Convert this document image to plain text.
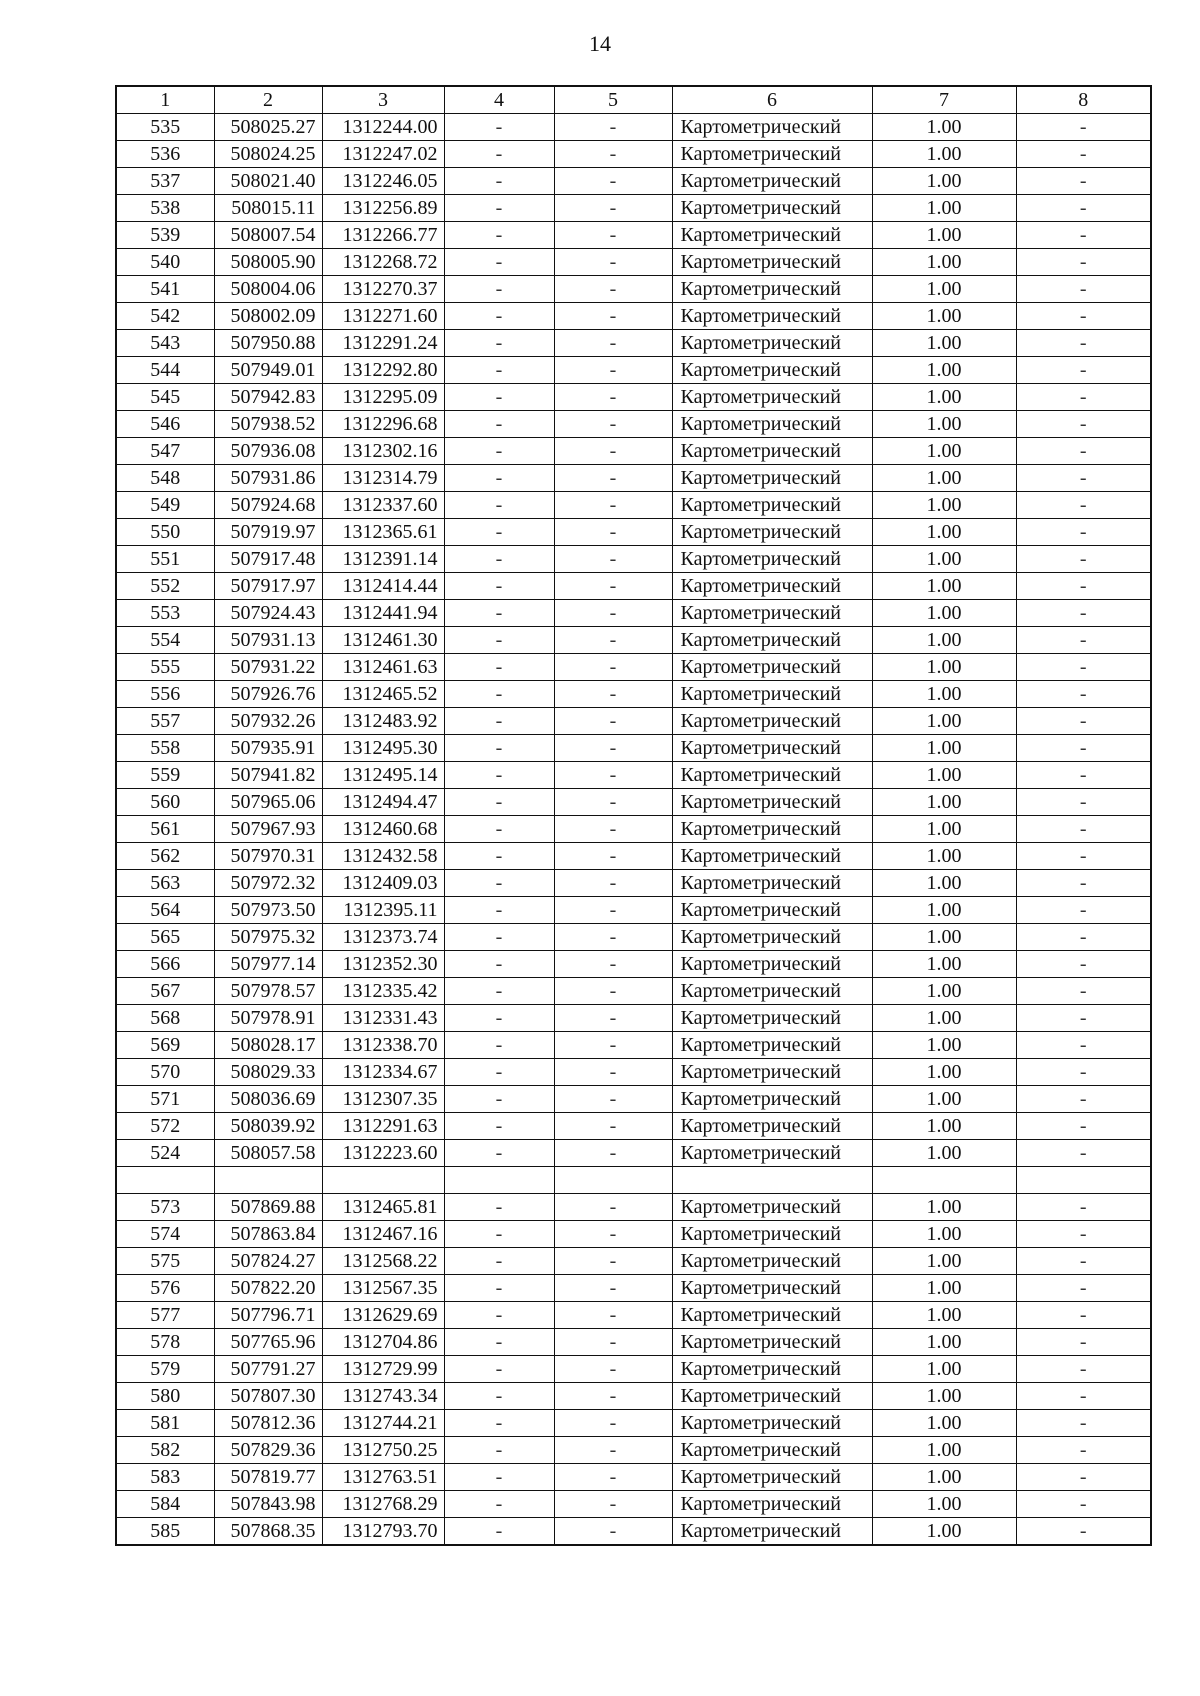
14
1	2	3	4	5	6	7	8
535	508025.27	1312244.00	-	-	Картометрический	1.00	-
536	508024.25	1312247.02	-	-	Картометрический	1.00	-
537	508021.40	1312246.05	-	-	Картометрический	1.00	-
538	508015.11	1312256.89	-	-	Картометрический	1.00	-
539	508007.54	1312266.77	-	-	Картометрический	1.00	-
540	508005.90	1312268.72	-	-	Картометрический	1.00	-
541	508004.06	1312270.37	-	-	Картометрический	1.00	-
542	508002.09	1312271.60	-	-	Картометрический	1.00	-
543	507950.88	1312291.24	-	-	Картометрический	1.00	-
544	507949.01	1312292.80	-	-	Картометрический	1.00	-
545	507942.83	1312295.09	-	-	Картометрический	1.00	-
546	507938.52	1312296.68	-	-	Картометрический	1.00	-
547	507936.08	1312302.16	-	-	Картометрический	1.00	-
548	507931.86	1312314.79	-	-	Картометрический	1.00	-
549	507924.68	1312337.60	-	-	Картометрический	1.00	-
550	507919.97	1312365.61	-	-	Картометрический	1.00	-
551	507917.48	1312391.14	-	-	Картометрический	1.00	-
552	507917.97	1312414.44	-	-	Картометрический	1.00	-
553	507924.43	1312441.94	-	-	Картометрический	1.00	-
554	507931.13	1312461.30	-	-	Картометрический	1.00	-
555	507931.22	1312461.63	-	-	Картометрический	1.00	-
556	507926.76	1312465.52	-	-	Картометрический	1.00	-
557	507932.26	1312483.92	-	-	Картометрический	1.00	-
558	507935.91	1312495.30	-	-	Картометрический	1.00	-
559	507941.82	1312495.14	-	-	Картометрический	1.00	-
560	507965.06	1312494.47	-	-	Картометрический	1.00	-
561	507967.93	1312460.68	-	-	Картометрический	1.00	-
562	507970.31	1312432.58	-	-	Картометрический	1.00	-
563	507972.32	1312409.03	-	-	Картометрический	1.00	-
564	507973.50	1312395.11	-	-	Картометрический	1.00	-
565	507975.32	1312373.74	-	-	Картометрический	1.00	-
566	507977.14	1312352.30	-	-	Картометрический	1.00	-
567	507978.57	1312335.42	-	-	Картометрический	1.00	-
568	507978.91	1312331.43	-	-	Картометрический	1.00	-
569	508028.17	1312338.70	-	-	Картометрический	1.00	-
570	508029.33	1312334.67	-	-	Картометрический	1.00	-
571	508036.69	1312307.35	-	-	Картометрический	1.00	-
572	508039.92	1312291.63	-	-	Картометрический	1.00	-
524	508057.58	1312223.60	-	-	Картометрический	1.00	-

573	507869.88	1312465.81	-	-	Картометрический	1.00	-
574	507863.84	1312467.16	-	-	Картометрический	1.00	-
575	507824.27	1312568.22	-	-	Картометрический	1.00	-
576	507822.20	1312567.35	-	-	Картометрический	1.00	-
577	507796.71	1312629.69	-	-	Картометрический	1.00	-
578	507765.96	1312704.86	-	-	Картометрический	1.00	-
579	507791.27	1312729.99	-	-	Картометрический	1.00	-
580	507807.30	1312743.34	-	-	Картометрический	1.00	-
581	507812.36	1312744.21	-	-	Картометрический	1.00	-
582	507829.36	1312750.25	-	-	Картометрический	1.00	-
583	507819.77	1312763.51	-	-	Картометрический	1.00	-
584	507843.98	1312768.29	-	-	Картометрический	1.00	-
585	507868.35	1312793.70	-	-	Картометрический	1.00	-
